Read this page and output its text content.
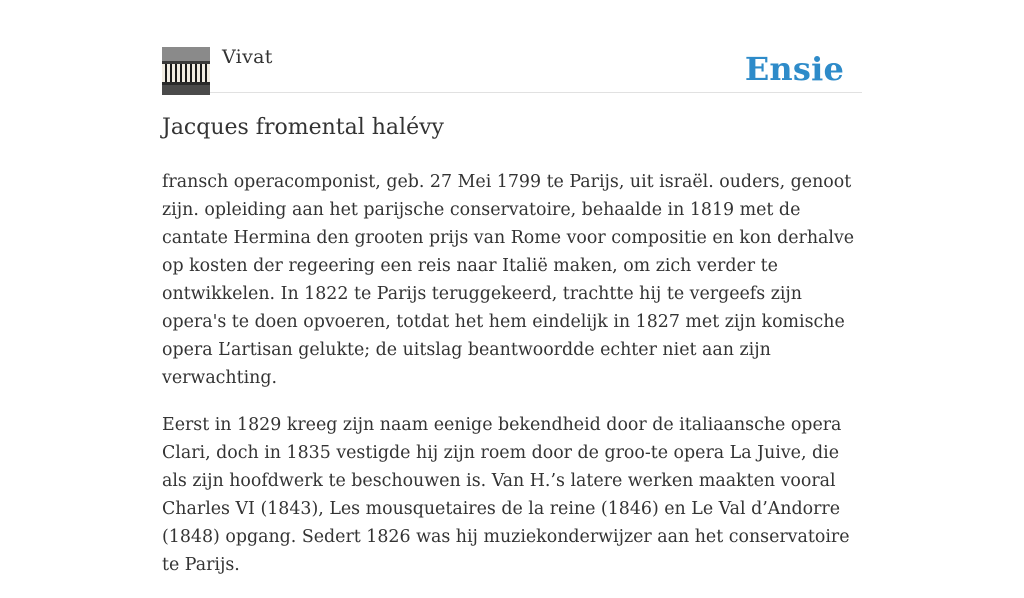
Vivat	Ensie
Jacques fromental halévy

fransch operacomponist, geb. 27 Mei 1799 te Parijs, uit israël. ouders, genoot zijn. opleiding aan het parijsche conservatoire, behaalde in 1819 met de cantate Hermina den grooten prijs van Rome voor compositie en kon derhalve op kosten der regeering een reis naar Italië maken, om zich verder te ontwikkelen. In 1822 te Parijs teruggekeerd, trachtte hij te vergeefs zijn opera's te doen opvoeren, totdat het hem eindelijk in 1827 met zijn komische opera L’artisan gelukte; de uitslag beantwoordde echter niet aan zijn verwachting.

Eerst in 1829 kreeg zijn naam eenige bekendheid door de italiaansche opera Clari, doch in 1835 vestigde hij zijn roem door de groo-te opera La Juive, die als zijn hoofdwerk te beschouwen is. Van H.’s latere werken maakten vooral Charles VI (1843), Les mousquetaires de la reine (1846) en Le Val d’Andorre (1848) opgang. Sedert 1826 was hij muziekonderwijzer aan het conservatoire te Parijs.
